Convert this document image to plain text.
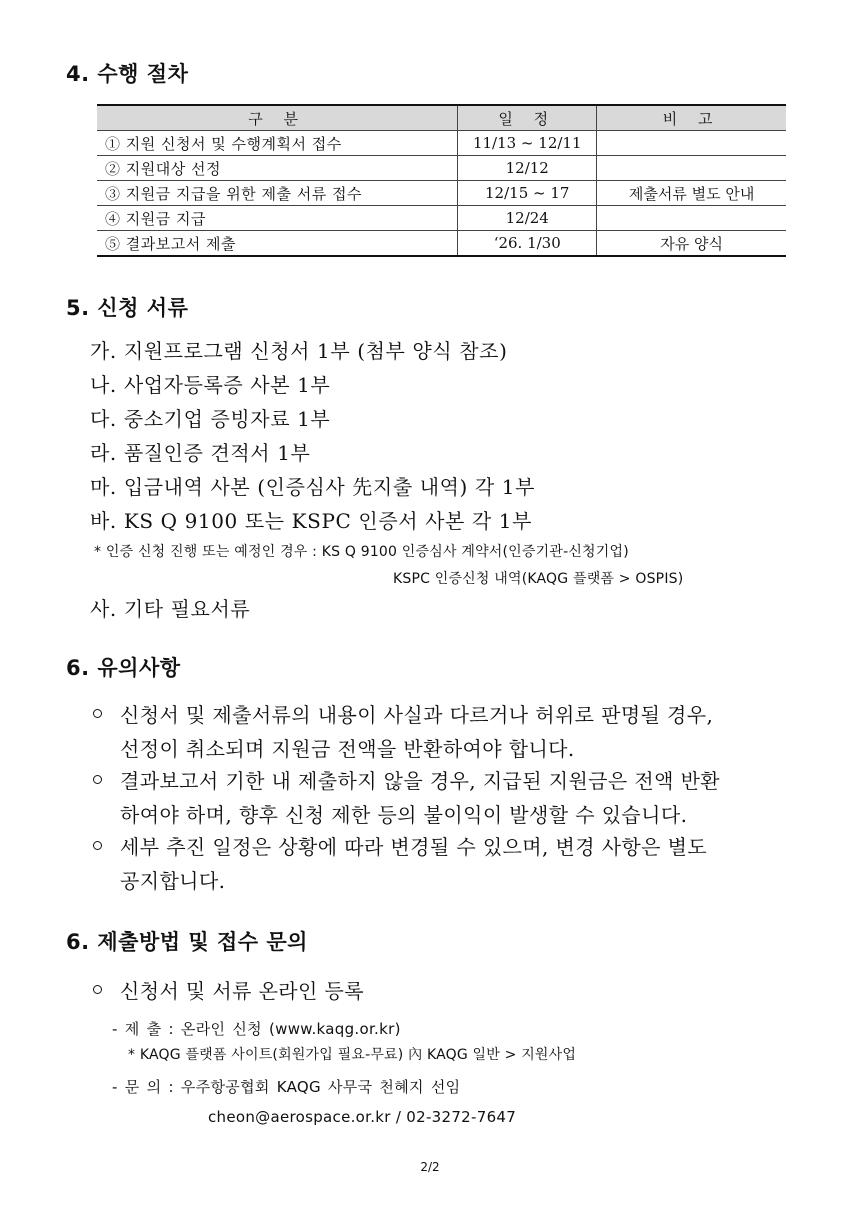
4. 수행 절차
구 분	일 정	비 고
① 지원 신청서 및 수행계획서 접수	11/13 ~ 12/11	
② 지원대상 선정	12/12	
③ 지원금 지급을 위한 제출 서류 접수	12/15 ~ 17	제출서류 별도 안내
④ 지원금 지급	12/24	
⑤ 결과보고서 제출	‘26. 1/30	자유 양식
5. 신청 서류

가. 지원프로그램 신청서 1부 (첨부 양식 참조)

나. 사업자등록증 사본 1부

다. 중소기업 증빙자료 1부

라. 품질인증 견적서 1부

마. 입금내역 사본 (인증심사 先지출 내역) 각 1부

바. KS Q 9100 또는 KSPC 인증서 사본 각 1부

* 인증 신청 진행 또는 예정인 경우 : KS Q 9100 인증심사 계약서(인증기관-신청기업)

KSPC 인증신청 내역(KAQG 플랫폼 > OSPIS)

사. 기타 필요서류

6. 유의사항

신청서 및 제출서류의 내용이 사실과 다르거나 허위로 판명될 경우,

선정이 취소되며 지원금 전액을 반환하여야 합니다.

결과보고서 기한 내 제출하지 않을 경우, 지급된 지원금은 전액 반환

하여야 하며, 향후 신청 제한 등의 불이익이 발생할 수 있습니다.

세부 추진 일정은 상황에 따라 변경될 수 있으며, 변경 사항은 별도

공지합니다.

6. 제출방법 및 접수 문의

신청서 및 서류 온라인 등록

- 제 출 : 온라인 신청 (www.kaqg.or.kr)

* KAQG 플랫폼 사이트(회원가입 필요-무료) 內 KAQG 일반 > 지원사업

- 문 의 : 우주항공협회 KAQG 사무국 천혜지 선임

cheon@aerospace.or.kr / 02-3272-7647

2/2
